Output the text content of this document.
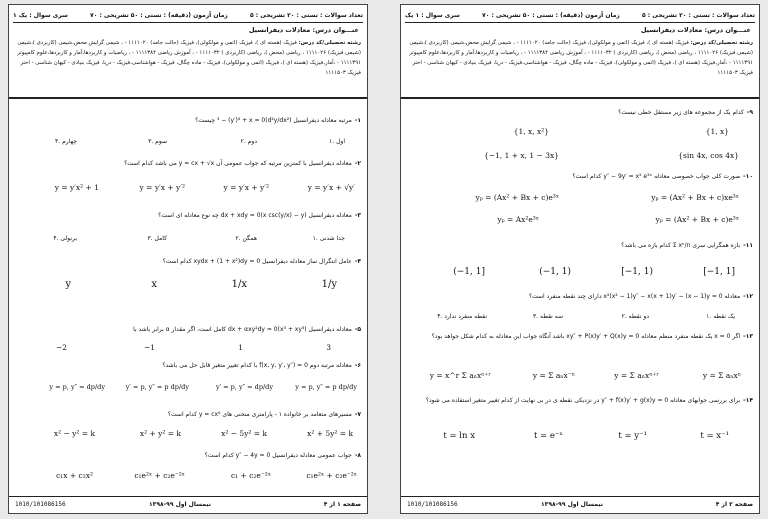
تعداد سوالات : تستی : ۲۰ تشریحی : ۵
زمان آزمون (دقیقه) : تستی : ۵۰ تشریحی : ۷۰
سری سوال : یک ۱
عنـــوان درس: معادلات دیفرانسیل
رشته تحصیلی/کد درس: فیزیک (هسته ای )، فیزیک (اتمی و مولکولی)، فیزیک (حالت جامد) ۱۱۱۱۰۲۰ - ، شیمی گرایش محض،شیمی (کاربردی )،شیمی (شیمی فیزیک) ۱۱۱۱۰۲۶ ، ریاضی (محض )، ریاضی (کاربردی ) ۱۱۱۱۰۳۲ - ، آموزش ریاضی ۱۱۱۱۳۸۴ - ، ریاضیات و کاربردها،آمار و کاربردها،علوم کامپیوتر ۱۱۱۱۳۹۱ - ،آمار،فیزیک (هسته ای )، فیزیک (اتمی و مولکولی)، فیزیک - ماده چگال، فیزیک - هواشناسی،فیزیک - دریا، فیزیک بنیادی - کیهان شناسی - اختر فیزیک ۱۱۱۱۵۰۳
۱-مرتبه معادله دیفرانسیل (d²y/dx²)³ − (y′)⁴ + x = 0 چیست؟
۱. اول
۲. دوم
۳. سوم
۴. چهارم
۲-معادله دیفرانسیل با کمترین مرتبه که جواب عمومی آن y = cx + √x می باشد کدام است؟
y = y′x + √y′
y = y′x + y′²
y = y′x + y′²
y = y′x² + 1
۳-معادله دیفرانسیل (x csc(y/x) − y)dx + xdy = 0 چه نوع معادله ای است؟
۱. جدا شدنی
۲. همگن
۳. کامل
۴. برنولی
۴-عامل انتگرال ساز معادله دیفرانسیل xydx + (1 + x²)dy = 0 کدام است؟
1/y
1/x
x
y
۵-معادله دیفرانسیل (x³ + xy³)dx + αxy²dy = 0 کامل است، اگر مقدار α برابر باشد با
3
1
−1
−2
۶-معادله مرتبه دوم f(x, y, y′, y″) = 0 با کدام تغییر متغیر قابل حل می باشد؟
y = p, y″ = p dp/dy
y′ = p, y″ = dp/dy
y′ = p, y″ = p dp/dy
y = p, y″ = dp/dy
۷-مسیرهای متعامد بر خانواده ۱ - پارامتری منحنی های y = cx⁶ کدام است؟
x² + 5y² = k
x² − 5y² = k
x² + y² = k
x² − y² = k
۸-جواب عمومی معادله دیفرانسیل y″ − 4y = 0 کدام است؟
c₁e²ˣ + c₂e⁻²ˣ
c₁ + c₂e⁻²ˣ
c₁e²ˣ + c₂e⁻²ˣ
c₁x + c₂x²
صفحه ۱ از ۴
نیمسال اول ۹۹-۱۳۹۸
1010/101086156
تعداد سوالات : تستی : ۲۰ تشریحی : ۵
زمان آزمون (دقیقه) : تستی : ۵۰ تشریحی : ۷۰
سری سوال : ۱ یک
عنـــوان درس: معادلات دیفرانسیل
رشته تحصیلی/کد درس: فیزیک (هسته ای )، فیزیک (اتمی و مولکولی)، فیزیک (حالت جامد) ۱۱۱۱۰۲۰ - ، شیمی گرایش محض،شیمی (کاربردی )،شیمی (شیمی فیزیک) ۱۱۱۱۰۲۶ ، ریاضی (محض )، ریاضی (کاربردی ) ۱۱۱۱۰۳۲ - ، آموزش ریاضی ۱۱۱۱۳۸۴ - ، ریاضیات و کاربردها،آمار و کاربردها،علوم کامپیوتر ۱۱۱۱۳۹۱ - ،آمار،فیزیک (هسته ای )، فیزیک (اتمی و مولکولی)، فیزیک - ماده چگال، فیزیک - هواشناسی،فیزیک - دریا، فیزیک بنیادی - کیهان شناسی - اختر فیزیک ۱۱۱۱۵۰۳
۹-کدام یک از مجموعه های زیر مستقل خطی نیست؟
{1, x}
{1, x, x²}
{sin 4x, cos 4x}
{−1, 1 + x, 1 − 3x}
۱۰-صورت کلی جواب خصوصی معادله y″ − 9y′ = x² e³ˣ کدام است؟
yₚ = (Ax² + Bx + c)xe³ˣ
yₚ = (Ax² + Bx + c)e³ˣ
yₚ = (Ax² + Bx + c)e³ˣ
yₚ = Ax²e³ˣ
۱۱-بازه همگرایی سری Σ xⁿ/n کدام بازه می باشد؟
[−1, 1]
[−1, 1)
(−1, 1)
(−1, 1]
۱۲-معادله x²(x² − 1)y″ − x(x + 1)y′ − (x − 1)y = 0 دارای چند نقطه منفرد است؟
۱. یک نقطه
۲. دو نقطه
۳. سه نقطه
۴. نقطه منفرد ندارد
۱۳-اگر x = 0 یک نقطه منفرد منظم معادله xy″ + P(x)y′ + Q(x)y = 0 باشد آنگاه جواب این معادله به کدام شکل جواهد بود؟
y = Σ aₙxⁿ
y = Σ aₙxⁿ⁺ʳ
y = Σ aₙx⁻ⁿ
y = x^r Σ aₙxⁿ⁺ʳ
۱۴-برای بررسی جوابهای معادله y″ + f(x)y′ + g(x)y = 0 در نزدیکی نقطه ی در بی نهایت از کدام تغییر متغیر استفاده می شود؟
t = x⁻¹
t = y⁻¹
t = e⁻ˣ
t = ln x
صفحه ۲ از ۴
نیمسال اول ۹۹-۱۳۹۸
1010/101086156
